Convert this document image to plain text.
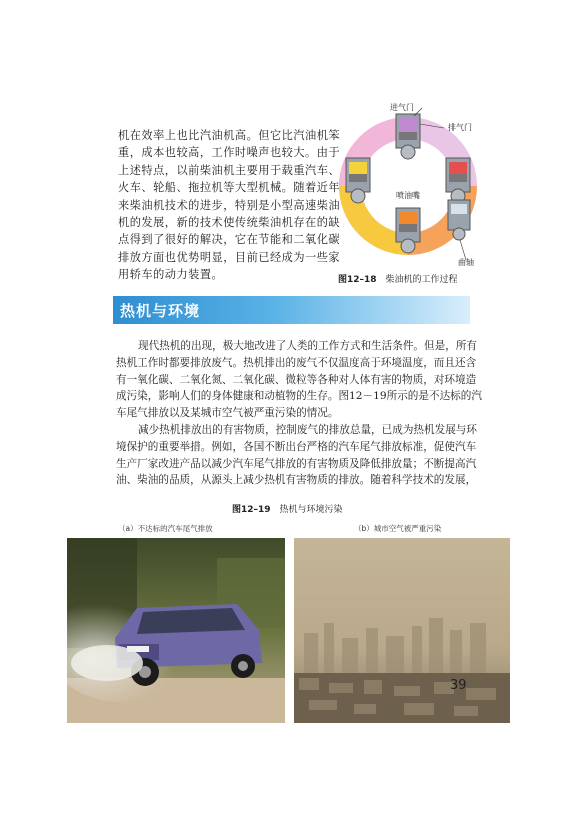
机在效率上也比汽油机高。但它比汽油机笨
重，成本也较高，工作时噪声也较大。由于
上述特点，以前柴油机主要用于载重汽车、
火车、轮船、拖拉机等大型机械。随着近年
来柴油机技术的进步，特别是小型高速柴油
机的发展，新的技术使传统柴油机存在的缺
点得到了很好的解决，它在节能和二氧化碳
排放方面也优势明显，目前已经成为一些家
用轿车的动力装置。
进气门
排气门
喷油嘴
曲轴
图12–18 柴油机的工作过程
热机与环境
现代热机的出现，极大地改进了人类的工作方式和生活条件。但是，所有
热机工作时都要排放废气。热机排出的废气不仅温度高于环境温度，而且还含
有一氧化碳、二氧化氮、二氧化碳、微粒等各种对人体有害的物质，对环境造
成污染，影响人们的身体健康和动植物的生存。图12－19所示的是不达标的汽
车尾气排放以及某城市空气被严重污染的情况。
减少热机排放出的有害物质，控制废气的排放总量，已成为热机发展与环
境保护的重要举措。例如，各国不断出台严格的汽车尾气排放标准，促使汽车
生产厂家改进产品以减少汽车尾气排放的有害物质及降低排放量；不断提高汽
油、柴油的品质，从源头上减少热机有害物质的排放。随着科学技术的发展，
图12–19 热机与环境污染
（a）不达标的汽车尾气排放	（b）城市空气被严重污染
39
